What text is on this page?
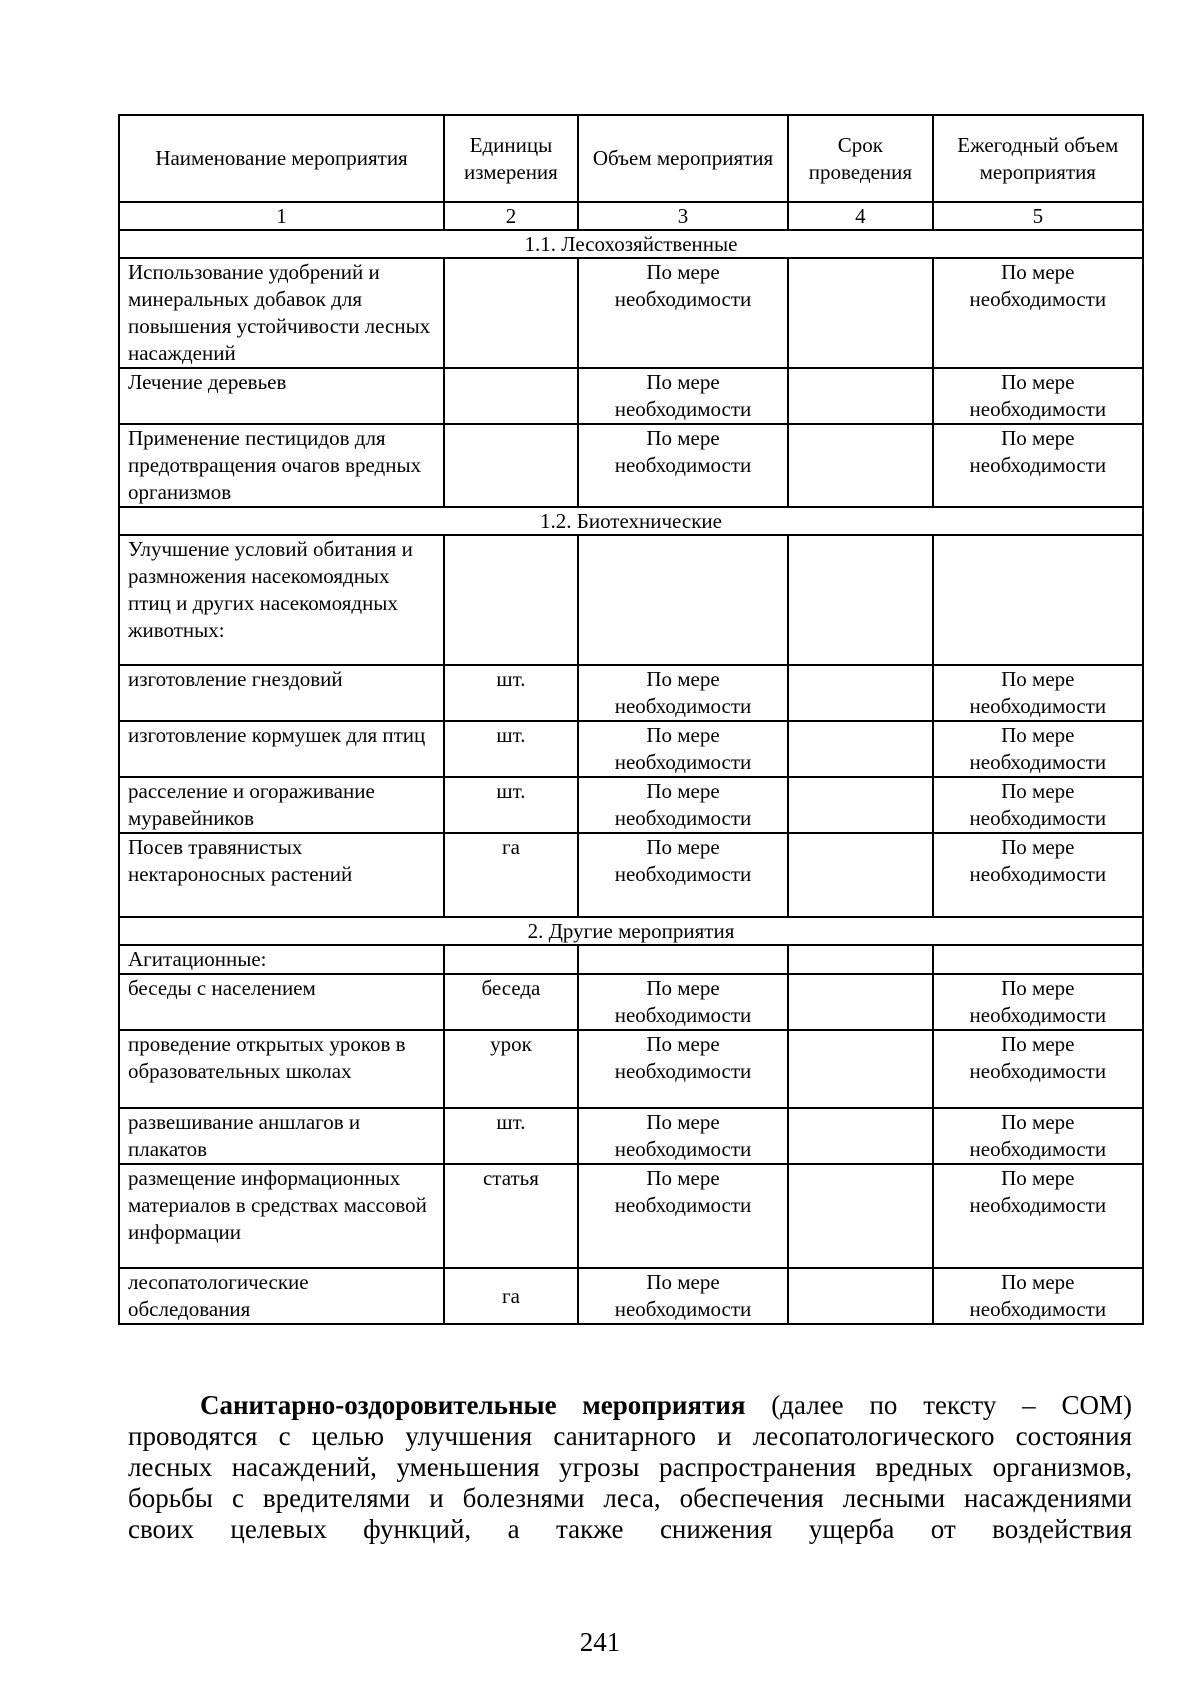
Наименование мероприятия	Единицы измерения	Объем мероприятия	Срок проведения	Ежегодный объем мероприятия
1	2	3	4	5
1.1. Лесохозяйственные				
Использование удобрений и минеральных добавок для повышения устойчивости лесных насаждений		По мере необходимости		По мере необходимости
Лечение деревьев		По мере необходимости		По мере необходимости
Применение пестицидов для предотвращения очагов вредных организмов		По мере необходимости		По мере необходимости
1.2. Биотехнические				
Улучшение условий обитания и размножения насекомоядных птиц и других насекомоядных животных:				
изготовление гнездовий	шт.	По мере необходимости		По мере необходимости
изготовление кормушек для птиц	шт.	По мере необходимости		По мере необходимости
расселение и огораживание муравейников	шт.	По мере необходимости		По мере необходимости
Посев травянистых нектароносных растений	га	По мере необходимости		По мере необходимости
2. Другие мероприятия				
Агитационные:				
беседы с населением	беседа	По мере необходимости		По мере необходимости
проведение открытых уроков в образовательных школах	урок	По мере необходимости		По мере необходимости
развешивание аншлагов и плакатов	шт.	По мере необходимости		По мере необходимости
размещение информационных материалов в средствах массовой информации	статья	По мере необходимости		По мере необходимости
лесопатологические обследования	га	По мере необходимости		По мере необходимости
Санитарно-оздоровительные мероприятия (далее по тексту – СОМ)
проводятся с целью улучшения санитарного и лесопатологического состояния
лесных насаждений, уменьшения угрозы распространения вредных организмов,
борьбы с вредителями и болезнями леса, обеспечения лесными насаждениями
своих целевых функций, а также снижения ущерба от воздействия
241
